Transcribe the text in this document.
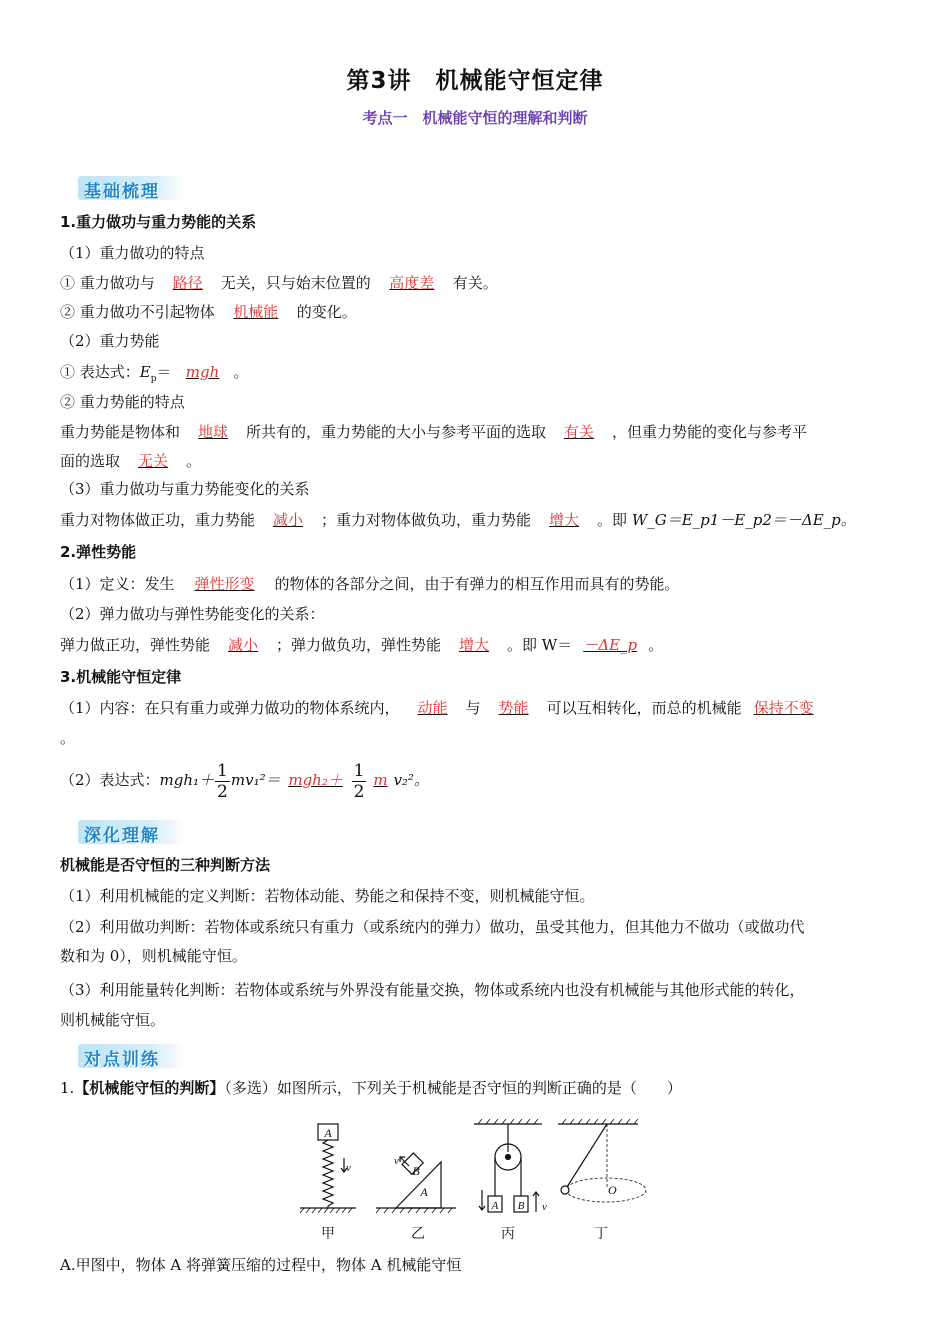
第3讲　机械能守恒定律
考点一　机械能守恒的理解和判断
基础梳理
1.重力做功与重力势能的关系
（1）重力做功的特点
① 重力做功与 路径 无关，只与始末位置的 高度差 有关。
② 重力做功不引起物体 机械能 的变化。
（2）重力势能
① 表达式：$E_p=$ mgh 。
② 重力势能的特点
重力势能是物体和 地球 所共有的，重力势能的大小与参考平面的选取 有关 ，但重力势能的变化与参考平
面的选取 无关 。
（3）重力做功与重力势能变化的关系
重力对物体做正功，重力势能 减小 ；重力对物体做负功，重力势能 增大 。即 W_G＝E_p1－E_p2＝－ΔE_p。
2.弹性势能
（1）定义：发生 弹性形变 的物体的各部分之间，由于有弹力的相互作用而具有的势能。
（2）弹力做功与弹性势能变化的关系：
弹力做正功，弹性势能 减小 ；弹力做负功，弹性势能 增大 。即 W＝ －ΔE_p 。
3.机械能守恒定律
（1）内容：在只有重力或弹力做功的物体系统内， 动能 与 势能 可以互相转化，而总的机械能 保持不变
。
（2）表达式：$mgh_1+ \frac{1}{2} mv_1^2= mgh_2+ \frac{1}{2}$ m v₂²。
深化理解
机械能是否守恒的三种判断方法
（1）利用机械能的定义判断：若物体动能、势能之和保持不变，则机械能守恒。
（2）利用做功判断：若物体或系统只有重力（或系统内的弹力）做功，虽受其他力，但其他力不做功（或做功代
数和为 0），则机械能守恒。
（3）利用能量转化判断：若物体或系统与外界没有能量交换，物体或系统内也没有机械能与其他形式能的转化，
则机械能守恒。
对点训练
1.【机械能守恒的判断】（多选）如图所示，下列关于机械能是否守恒的判断正确的是（　　）
A
v
A
B
v
A B v
O
甲	乙	丙	丁
A.甲图中，物体 A 将弹簧压缩的过程中，物体 A 机械能守恒
